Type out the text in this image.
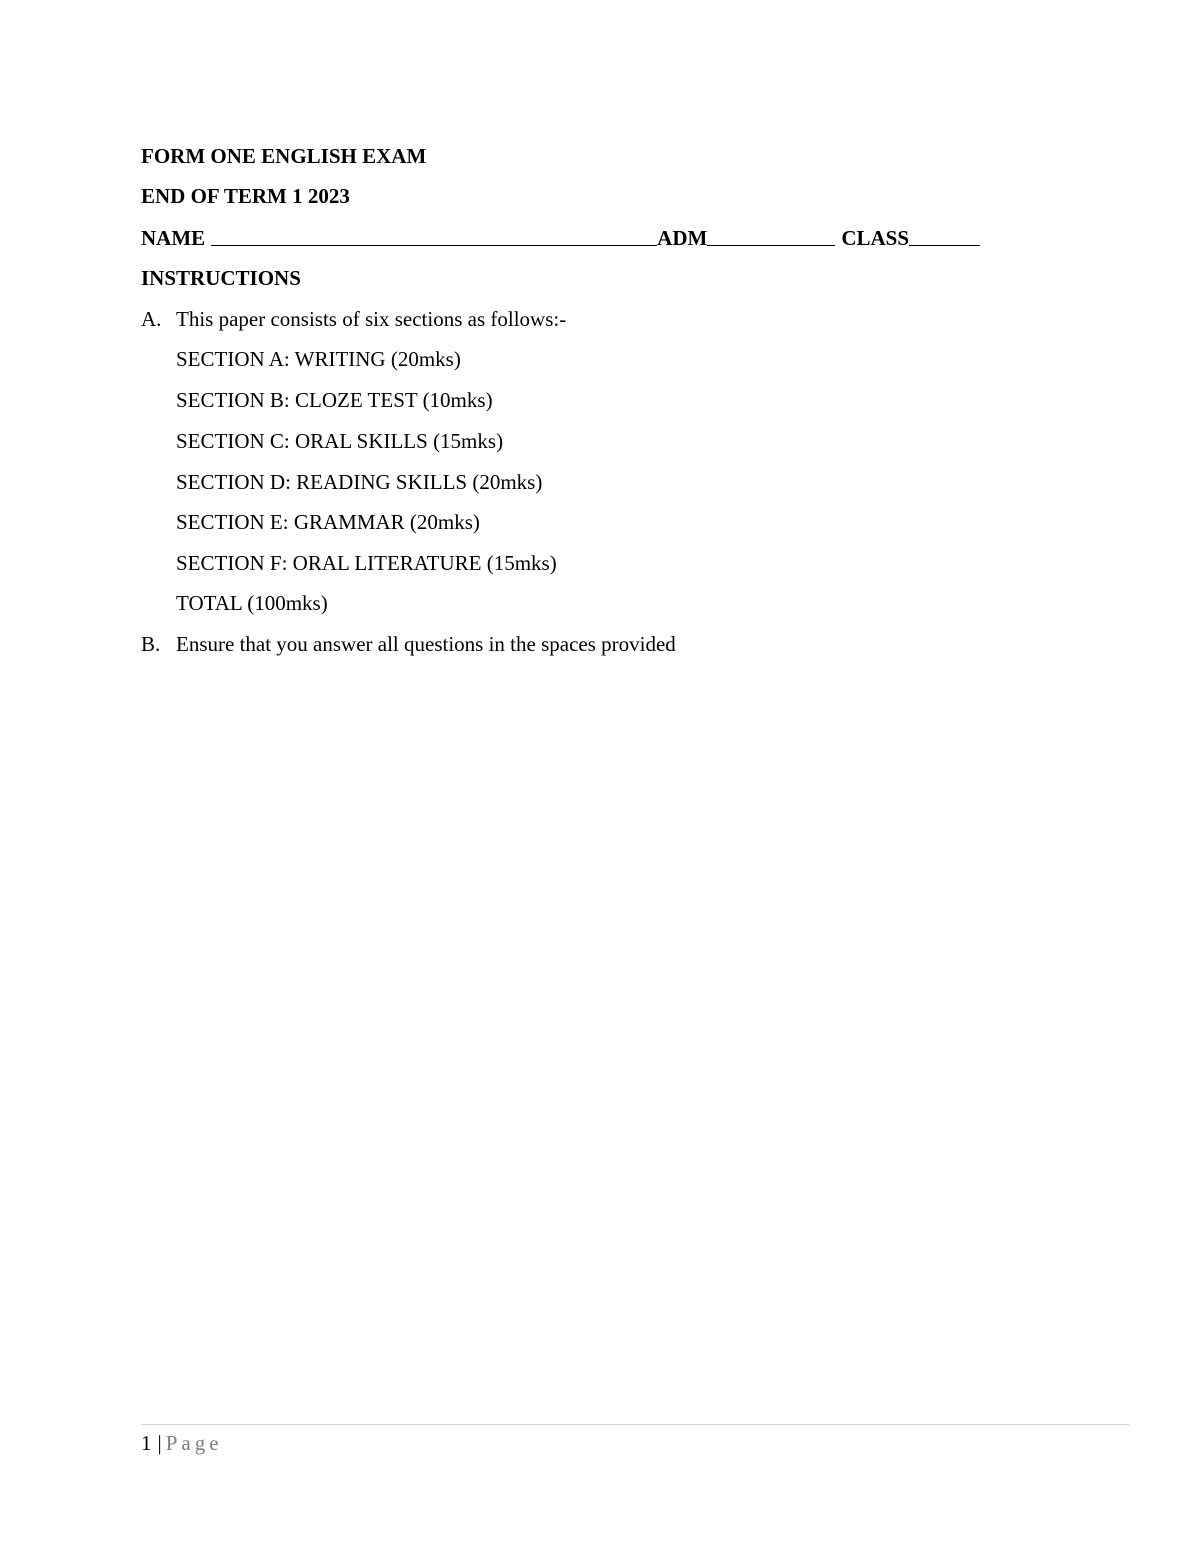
FORM ONE ENGLISH EXAM
END OF TERM 1 2023
NAME	ADM	CLASS
INSTRUCTIONS
A. This paper consists of six sections as follows:-
SECTION A: WRITING (20mks)
SECTION B: CLOZE TEST (10mks)
SECTION C: ORAL SKILLS (15mks)
SECTION D: READING SKILLS (20mks)
SECTION E: GRAMMAR (20mks)
SECTION F: ORAL LITERATURE (15mks)
TOTAL (100mks)
B. Ensure that you answer all questions in the spaces provided
1 | Page
